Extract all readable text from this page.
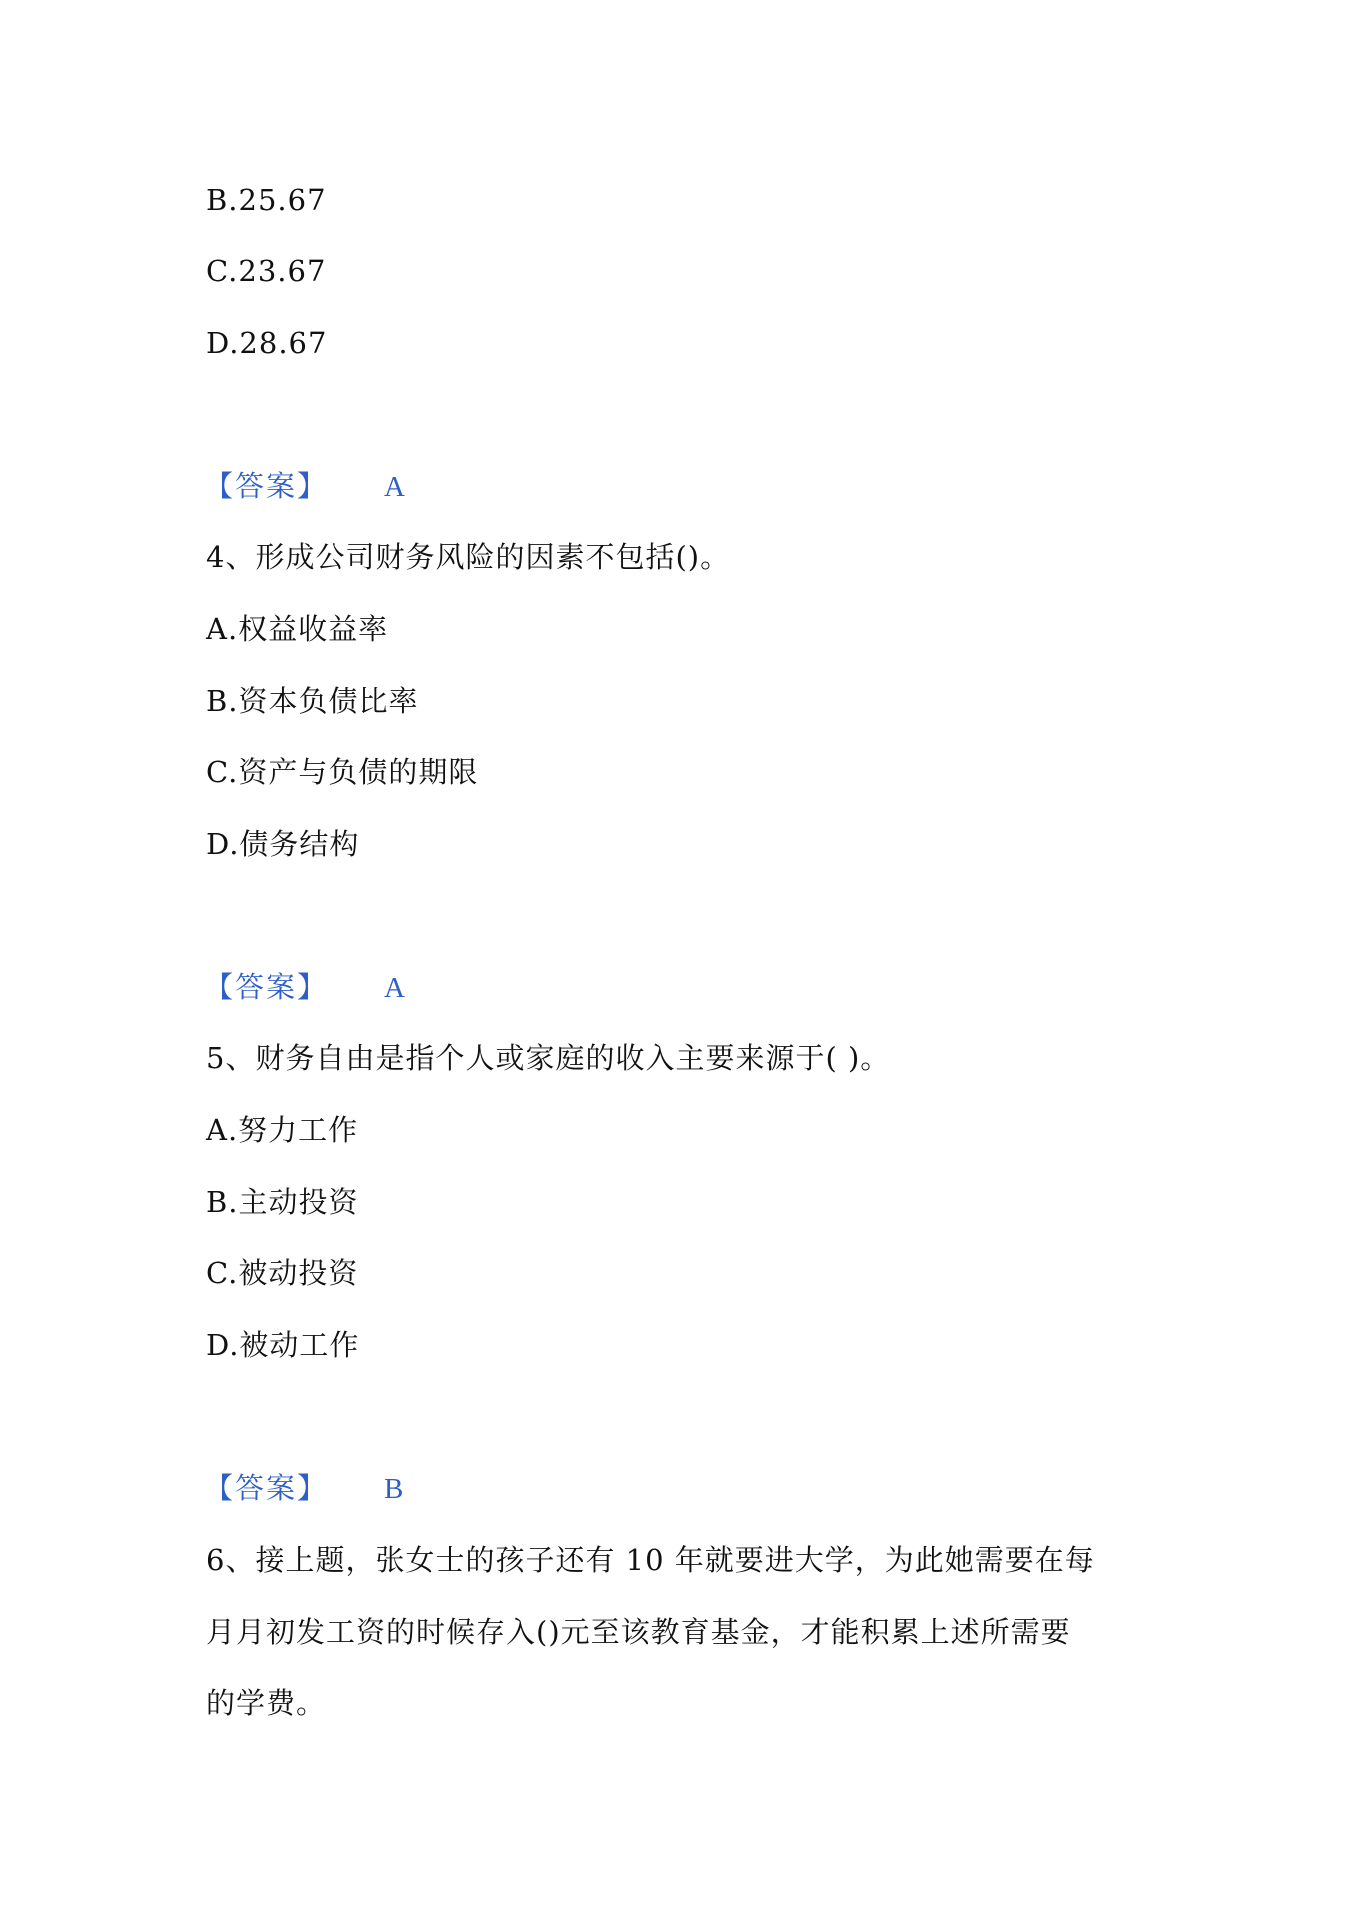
B.25.67
C.23.67
D.28.67
【答案】 A
4、形成公司财务风险的因素不包括()。
A.权益收益率
B.资本负债比率
C.资产与负债的期限
D.债务结构
【答案】 A
5、财务自由是指个人或家庭的收入主要来源于( )。
A.努力工作
B.主动投资
C.被动投资
D.被动工作
【答案】 B
6、接上题，张女士的孩子还有 10 年就要进大学，为此她需要在每
月月初发工资的时候存入()元至该教育基金，才能积累上述所需要
的学费。
